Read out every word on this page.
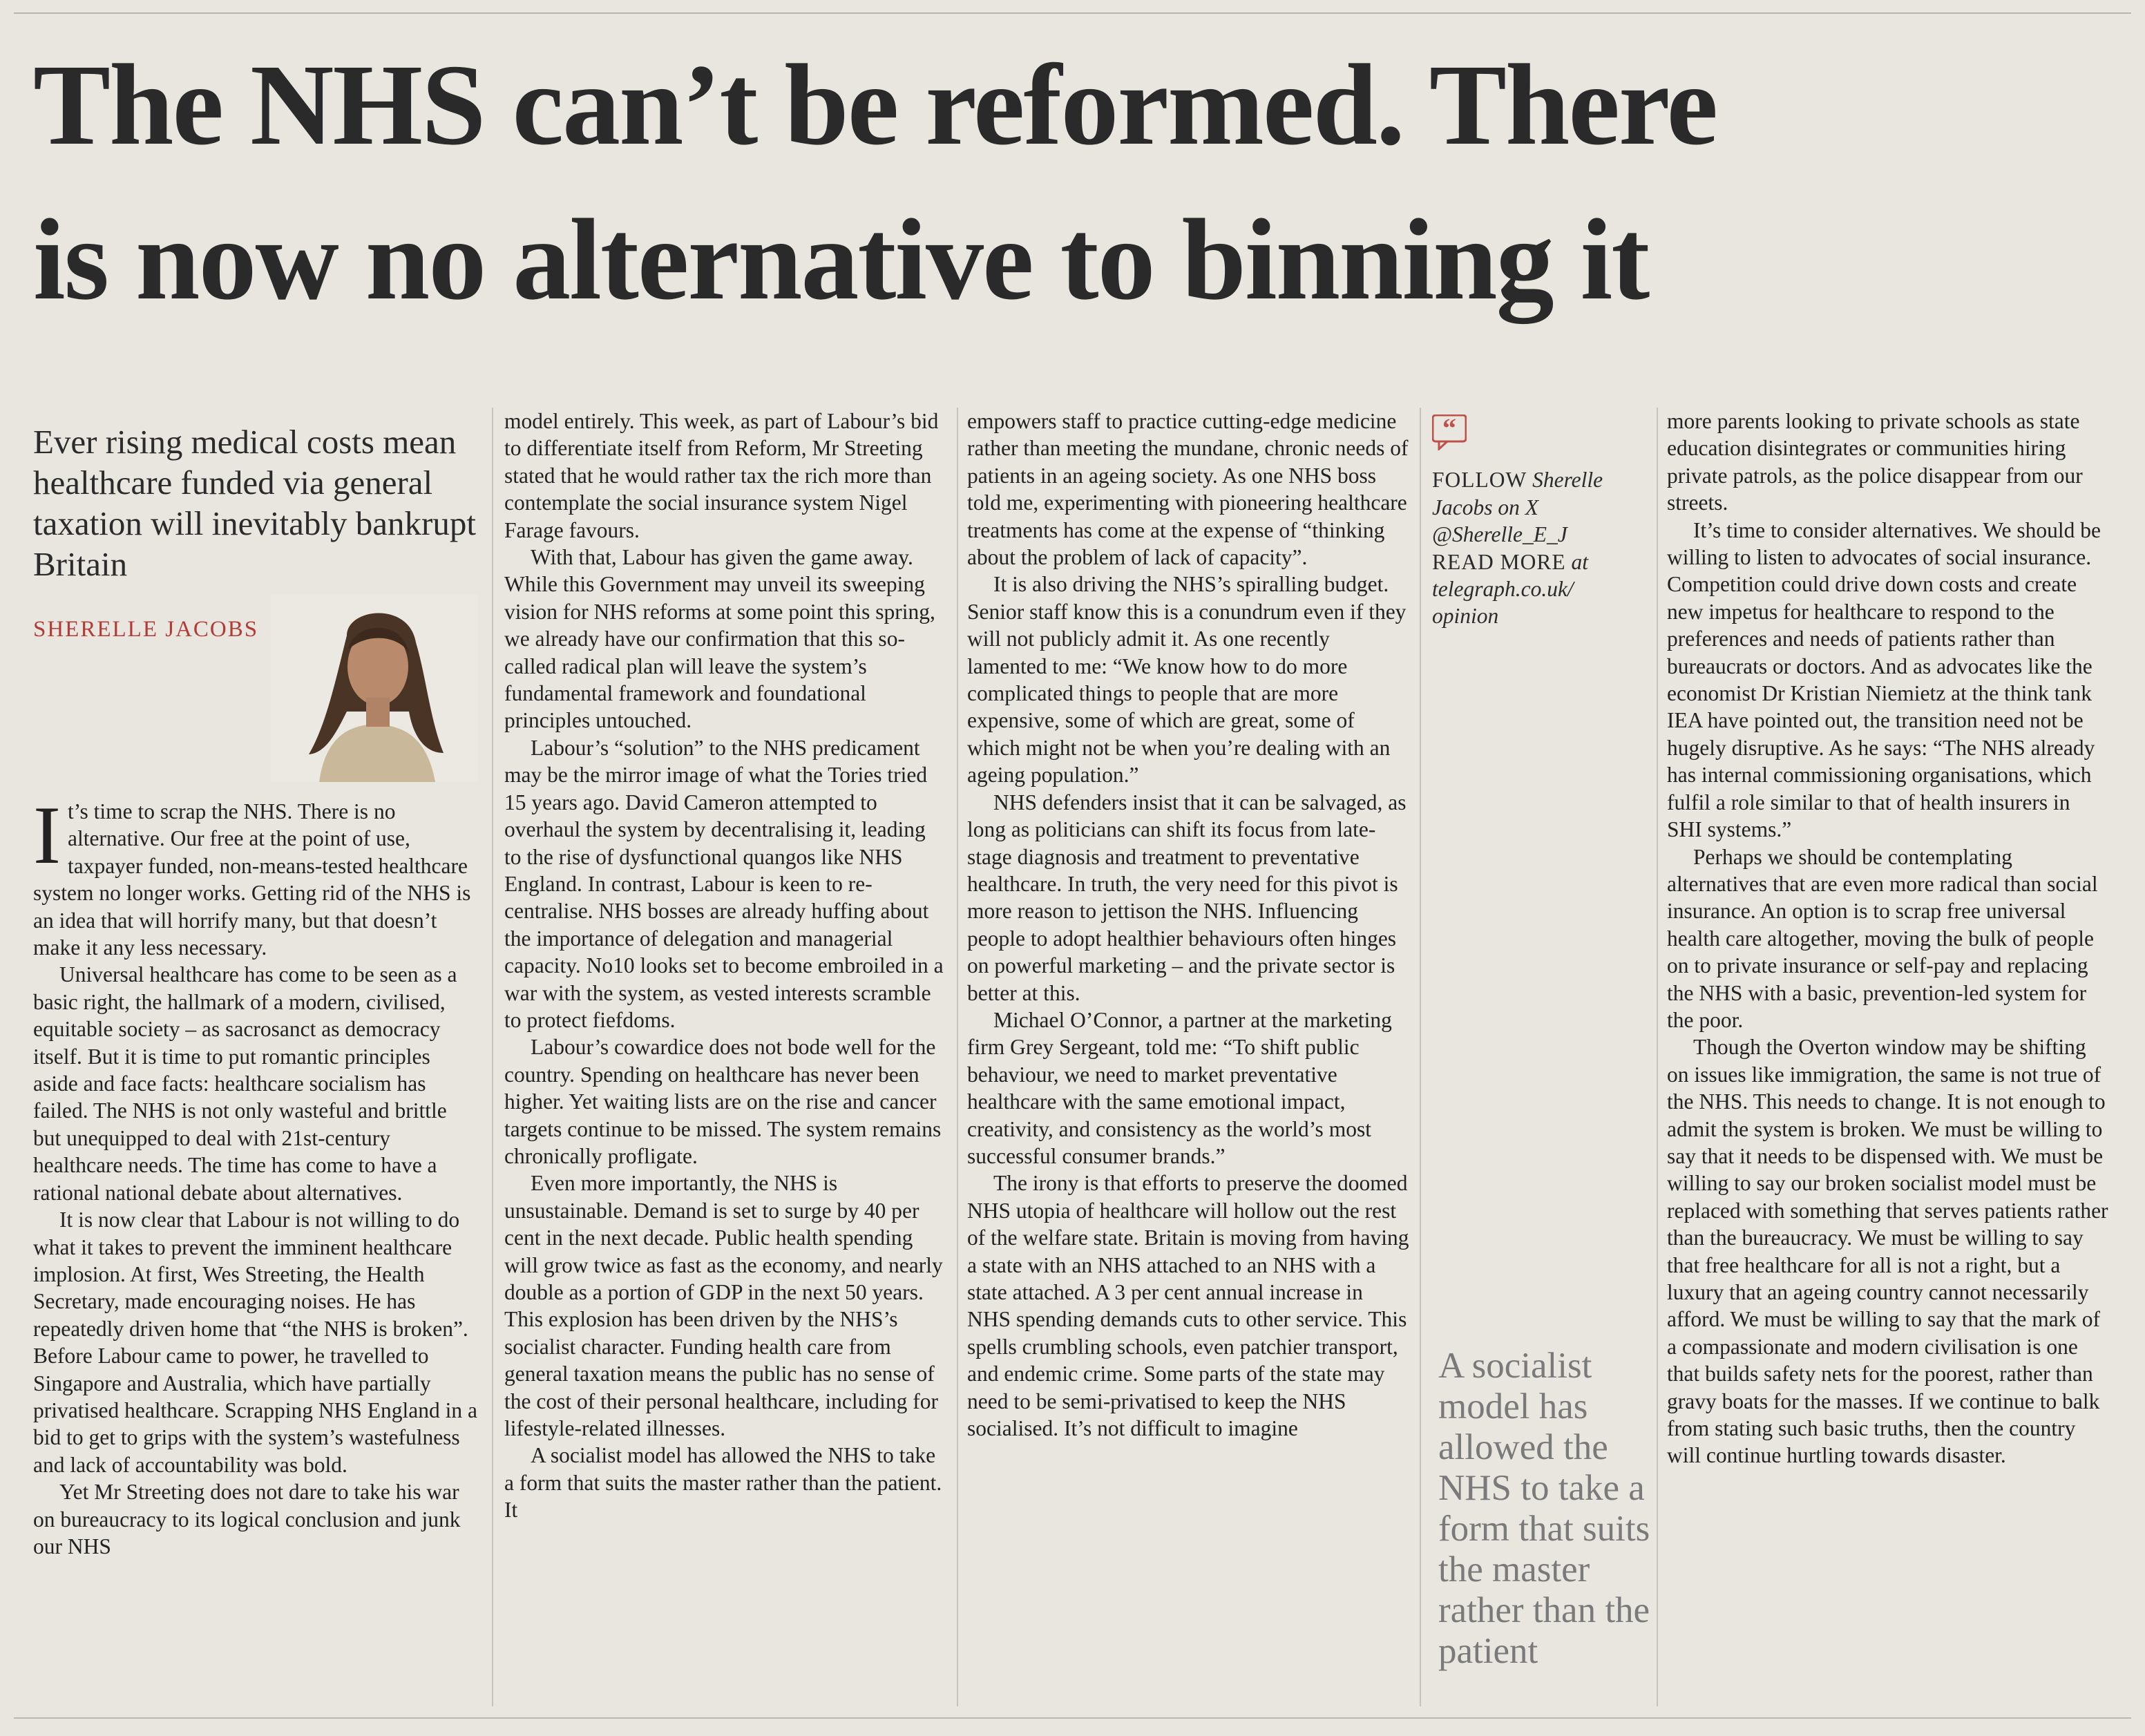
The NHS can’t be reformed. There
is now no alternative to binning it

Ever rising medical costs mean healthcare funded via general taxation will inevitably bankrupt Britain

SHERELLE JACOBS

It’s time to scrap the NHS. There is no alternative. Our free at the point of use, taxpayer funded, non-means-tested healthcare system no longer works. Getting rid of the NHS is an idea that will horrify many, but that doesn’t make it any less necessary.

Universal healthcare has come to be seen as a basic right, the hallmark of a modern, civilised, equitable society – as sacrosanct as democracy itself. But it is time to put romantic principles aside and face facts: healthcare socialism has failed. The NHS is not only wasteful and brittle but unequipped to deal with 21st-century healthcare needs. The time has come to have a rational national debate about alternatives.

It is now clear that Labour is not willing to do what it takes to prevent the imminent healthcare implosion. At first, Wes Streeting, the Health Secretary, made encouraging noises. He has repeatedly driven home that “the NHS is broken”. Before Labour came to power, he travelled to Singapore and Australia, which have partially privatised healthcare. Scrapping NHS England in a bid to get to grips with the system’s wastefulness and lack of accountability was bold.

Yet Mr Streeting does not dare to take his war on bureaucracy to its logical conclusion and junk our NHS

model entirely. This week, as part of Labour’s bid to differentiate itself from Reform, Mr Streeting stated that he would rather tax the rich more than contemplate the social insurance system Nigel Farage favours.

With that, Labour has given the game away. While this Government may unveil its sweeping vision for NHS reforms at some point this spring, we already have our confirmation that this so-called radical plan will leave the system’s fundamental framework and foundational principles untouched.

Labour’s “solution” to the NHS predicament may be the mirror image of what the Tories tried 15 years ago. David Cameron attempted to overhaul the system by decentralising it, leading to the rise of dysfunctional quangos like NHS England. In contrast, Labour is keen to re-centralise. NHS bosses are already huffing about the importance of delegation and managerial capacity. No10 looks set to become embroiled in a war with the system, as vested interests scramble to protect fiefdoms.

Labour’s cowardice does not bode well for the country. Spending on healthcare has never been higher. Yet waiting lists are on the rise and cancer targets continue to be missed. The system remains chronically profligate.

Even more importantly, the NHS is unsustainable. Demand is set to surge by 40 per cent in the next decade. Public health spending will grow twice as fast as the economy, and nearly double as a portion of GDP in the next 50 years. This explosion has been driven by the NHS’s socialist character. Funding health care from general taxation means the public has no sense of the cost of their personal healthcare, including for lifestyle-related illnesses.

A socialist model has allowed the NHS to take a form that suits the master rather than the patient. It

empowers staff to practice cutting-edge medicine rather than meeting the mundane, chronic needs of patients in an ageing society. As one NHS boss told me, experimenting with pioneering healthcare treatments has come at the expense of “thinking about the problem of lack of capacity”.

It is also driving the NHS’s spiralling budget. Senior staff know this is a conundrum even if they will not publicly admit it. As one recently lamented to me: “We know how to do more complicated things to people that are more expensive, some of which are great, some of which might not be when you’re dealing with an ageing population.”

NHS defenders insist that it can be salvaged, as long as politicians can shift its focus from late-stage diagnosis and treatment to preventative healthcare. In truth, the very need for this pivot is more reason to jettison the NHS. Influencing people to adopt healthier behaviours often hinges on powerful marketing – and the private sector is better at this.

Michael O’Connor, a partner at the marketing firm Grey Sergeant, told me: “To shift public behaviour, we need to market preventative healthcare with the same emotional impact, creativity, and consistency as the world’s most successful consumer brands.”

The irony is that efforts to preserve the doomed NHS utopia of healthcare will hollow out the rest of the welfare state. Britain is moving from having a state with an NHS attached to an NHS with a state attached. A 3 per cent annual increase in NHS spending demands cuts to other service. This spells crumbling schools, even patchier transport, and endemic crime. Some parts of the state may need to be semi-privatised to keep the NHS socialised. It’s not difficult to imagine

“
FOLLOW Sherelle Jacobs on X @Sherelle_E_J
READ MORE at telegraph.co.uk/ opinion

A socialist model has allowed the NHS to take a form that suits the master rather than the patient

more parents looking to private schools as state education disintegrates or communities hiring private patrols, as the police disappear from our streets.

It’s time to consider alternatives. We should be willing to listen to advocates of social insurance. Competition could drive down costs and create new impetus for healthcare to respond to the preferences and needs of patients rather than bureaucrats or doctors. And as advocates like the economist Dr Kristian Niemietz at the think tank IEA have pointed out, the transition need not be hugely disruptive. As he says: “The NHS already has internal commissioning organisations, which fulfil a role similar to that of health insurers in SHI systems.”

Perhaps we should be contemplating alternatives that are even more radical than social insurance. An option is to scrap free universal health care altogether, moving the bulk of people on to private insurance or self-pay and replacing the NHS with a basic, prevention-led system for the poor.

Though the Overton window may be shifting on issues like immigration, the same is not true of the NHS. This needs to change. It is not enough to admit the system is broken. We must be willing to say that it needs to be dispensed with. We must be willing to say our broken socialist model must be replaced with something that serves patients rather than the bureaucracy. We must be willing to say that free healthcare for all is not a right, but a luxury that an ageing country cannot necessarily afford. We must be willing to say that the mark of a compassionate and modern civilisation is one that builds safety nets for the poorest, rather than gravy boats for the masses. If we continue to balk from stating such basic truths, then the country will continue hurtling towards disaster.
